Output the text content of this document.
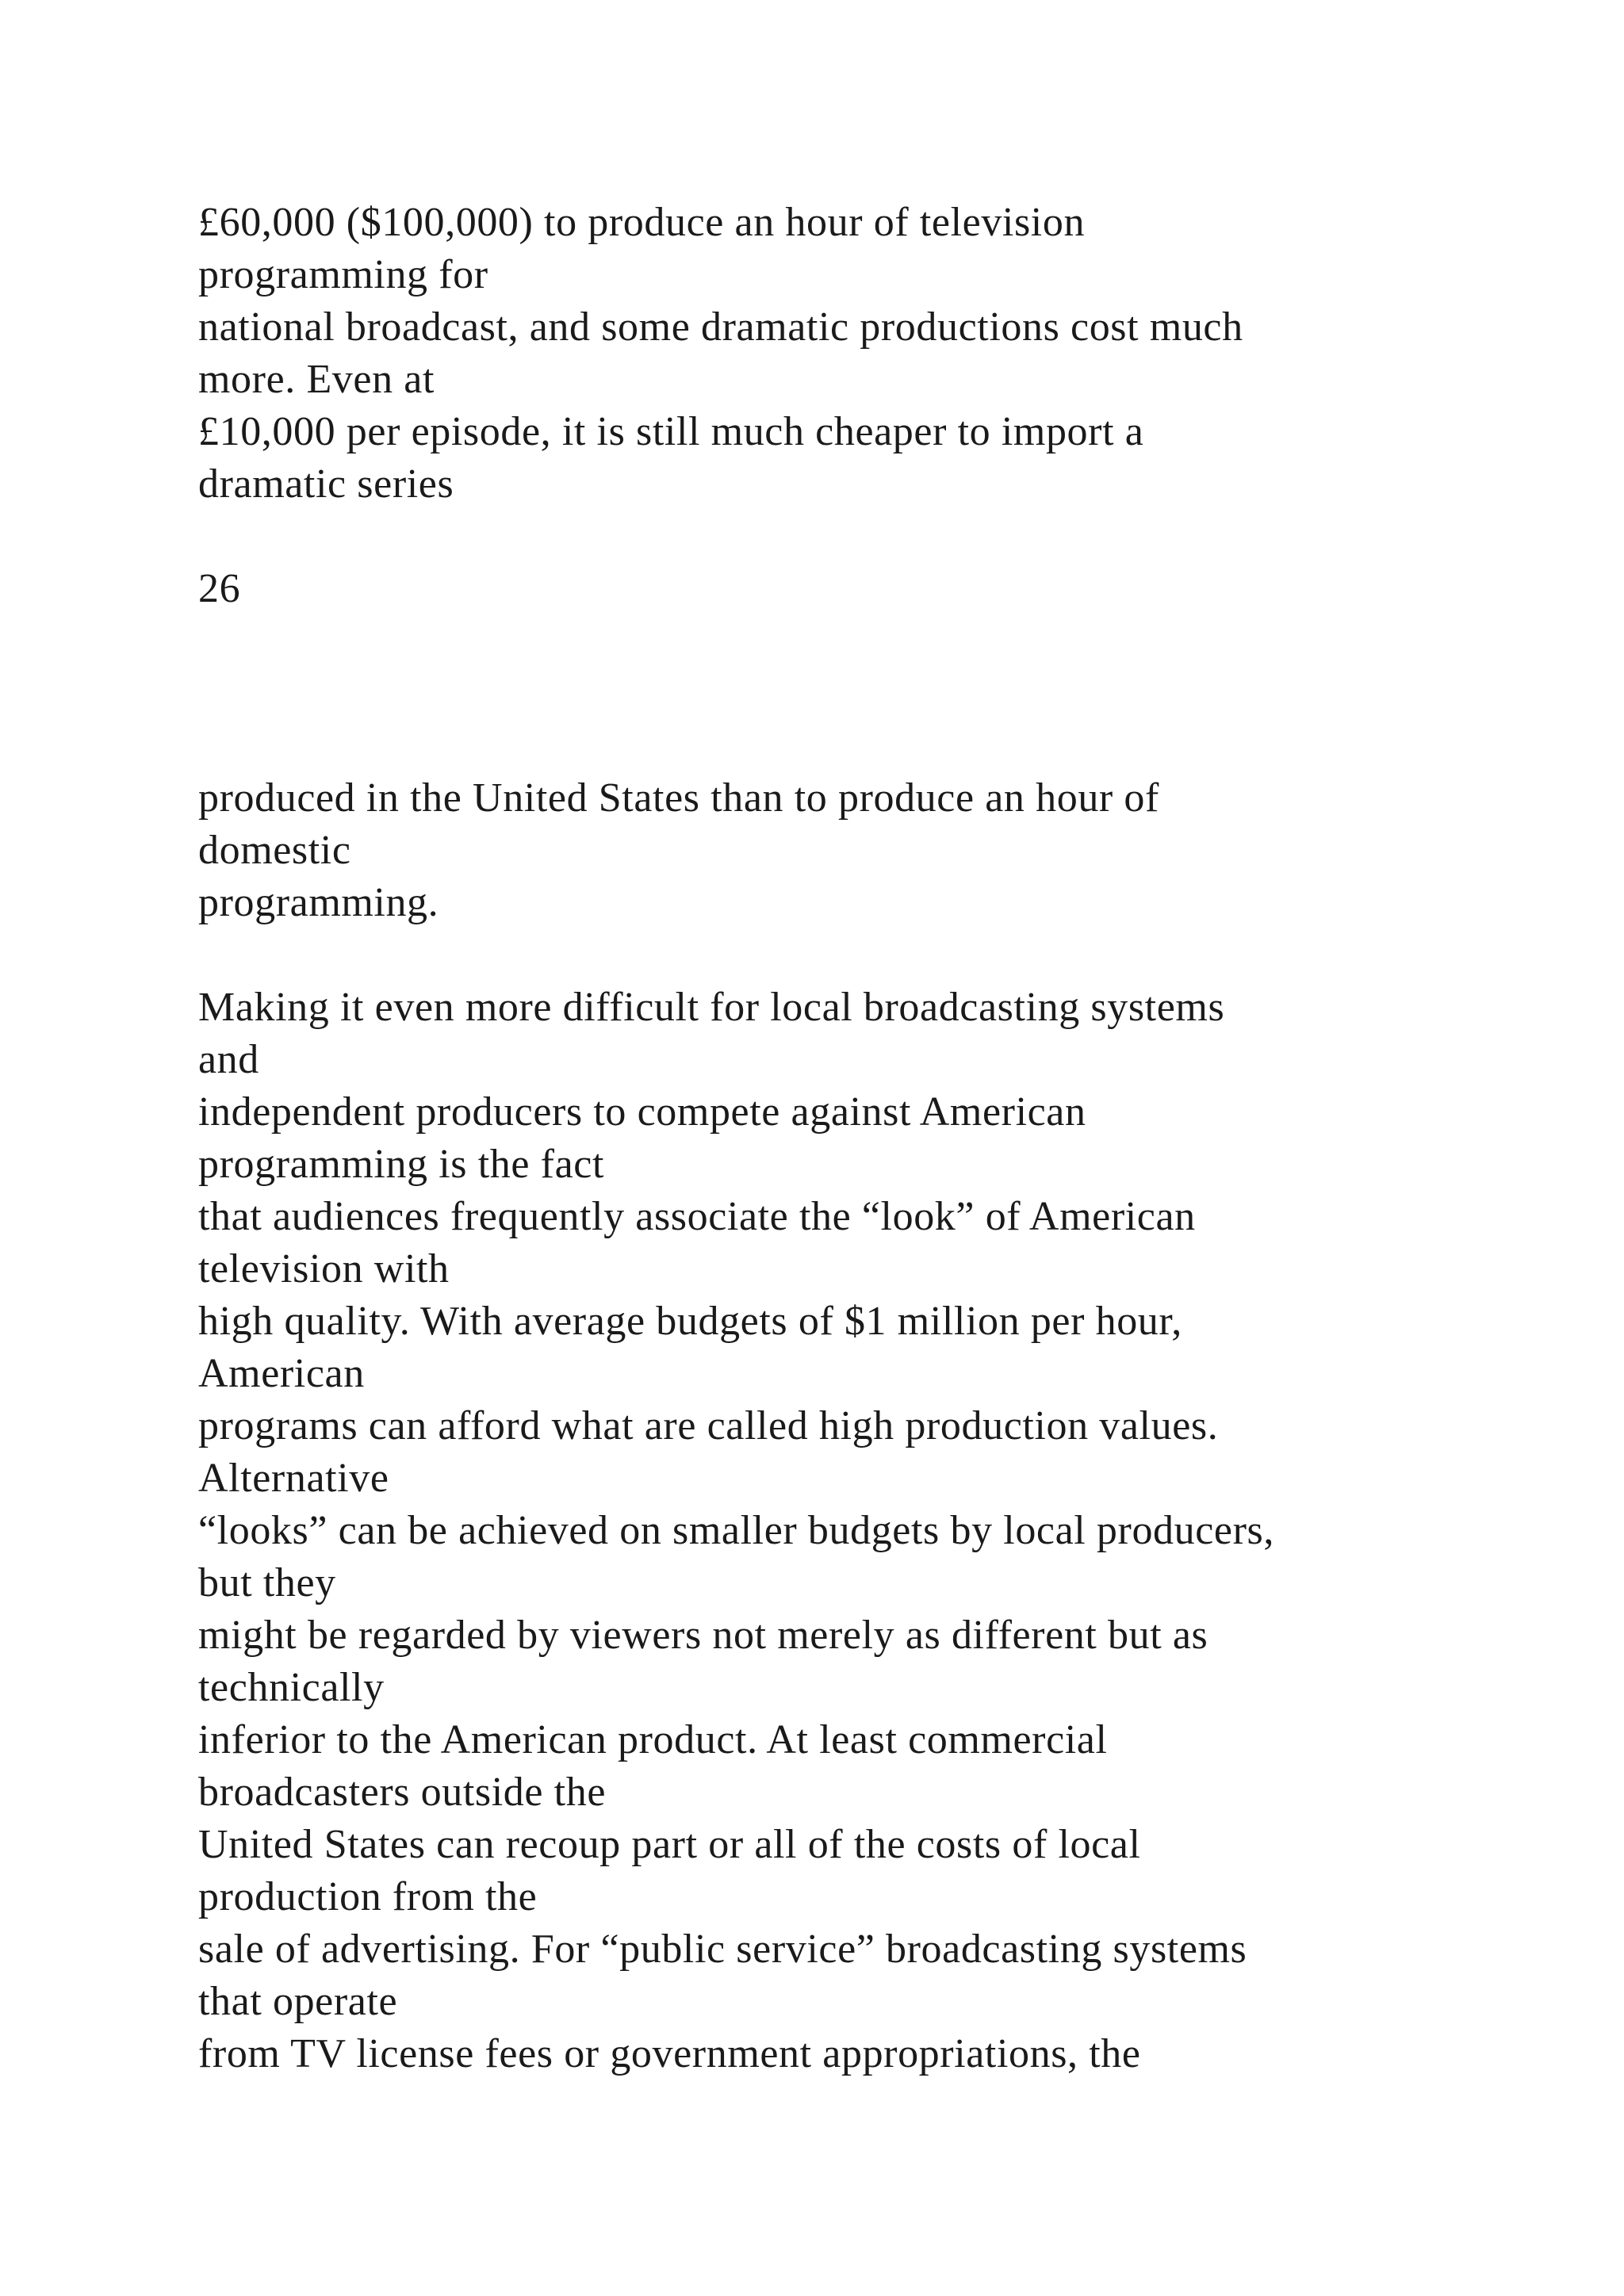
£60,000 ($100,000) to produce an hour of television

programming for

national broadcast, and some dramatic productions cost much

more. Even at

£10,000 per episode, it is still much cheaper to import a

dramatic series

26

produced in the United States than to produce an hour of

domestic

programming.

Making it even more difficult for local broadcasting systems

and

independent producers to compete against American

programming is the fact

that audiences frequently associate the “look” of American

television with

high quality. With average budgets of $1 million per hour,

American

programs can afford what are called high production values.

Alternative

“looks” can be achieved on smaller budgets by local producers,

but they

might be regarded by viewers not merely as different but as

technically

inferior to the American product. At least commercial

broadcasters outside the

United States can recoup part or all of the costs of local

production from the

sale of advertising. For “public service” broadcasting systems

that operate

from TV license fees or government appropriations, the
